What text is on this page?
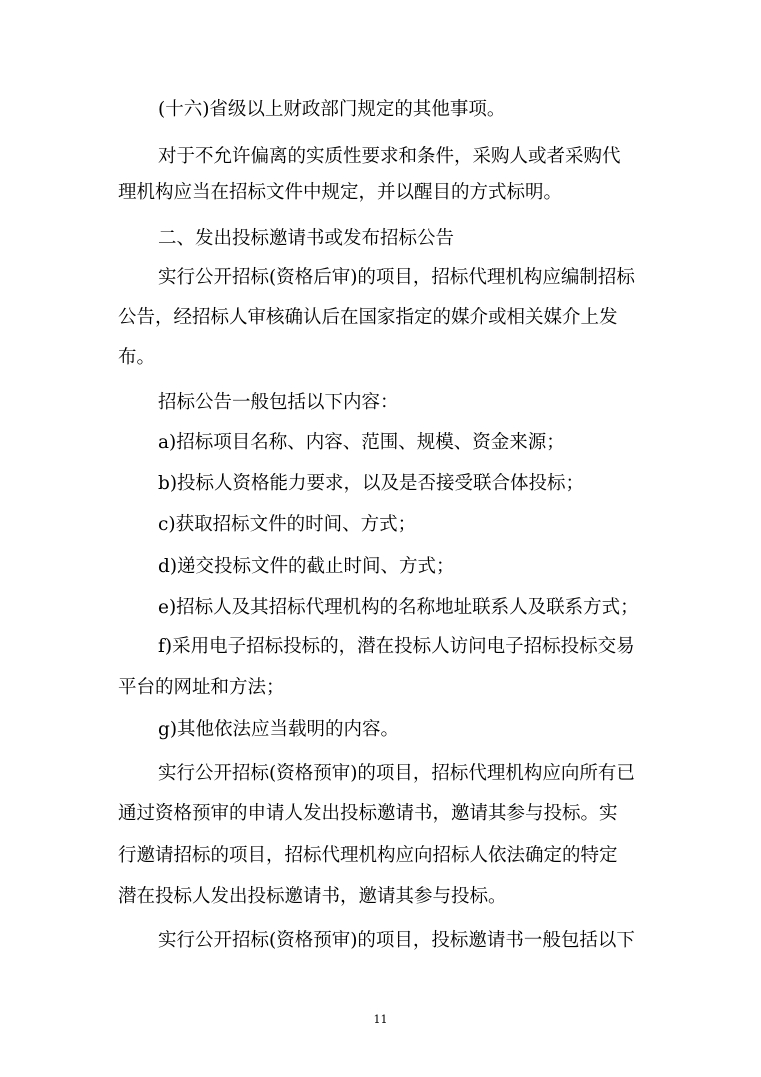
(十六)省级以上财政部门规定的其他事项。
对于不允许偏离的实质性要求和条件，采购人或者采购代
理机构应当在招标文件中规定，并以醒目的方式标明。
二、发出投标邀请书或发布招标公告
实行公开招标(资格后审)的项目，招标代理机构应编制招标
公告，经招标人审核确认后在国家指定的媒介或相关媒介上发
布。
招标公告一般包括以下内容：
a)招标项目名称、内容、范围、规模、资金来源；
b)投标人资格能力要求，以及是否接受联合体投标；
c)获取招标文件的时间、方式；
d)递交投标文件的截止时间、方式；
e)招标人及其招标代理机构的名称地址联系人及联系方式；
f)采用电子招标投标的，潜在投标人访问电子招标投标交易
平台的网址和方法；
g)其他依法应当载明的内容。
实行公开招标(资格预审)的项目，招标代理机构应向所有已
通过资格预审的申请人发出投标邀请书，邀请其参与投标。实
行邀请招标的项目，招标代理机构应向招标人依法确定的特定
潜在投标人发出投标邀请书，邀请其参与投标。
实行公开招标(资格预审)的项目，投标邀请书一般包括以下
11
